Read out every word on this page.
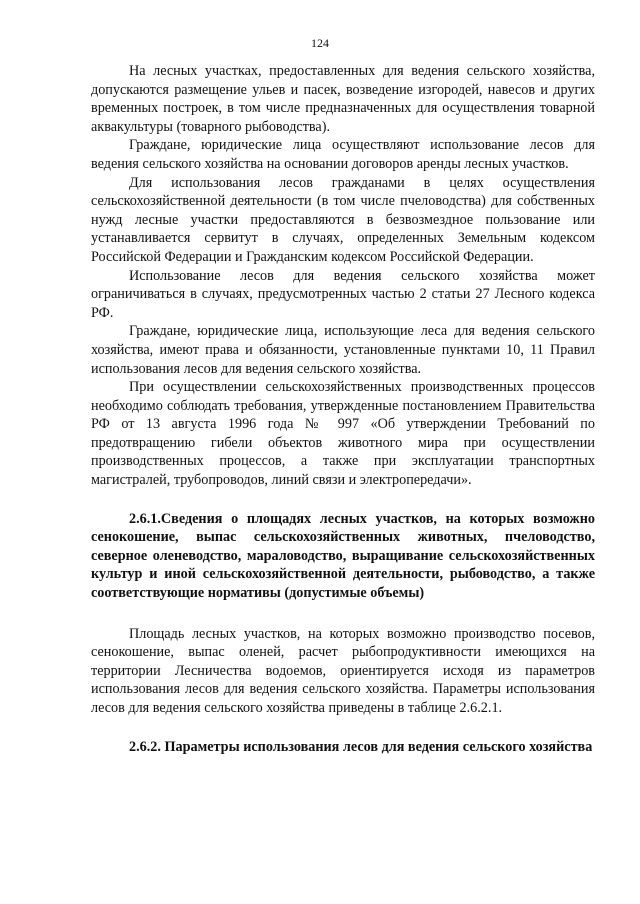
124

На лесных участках, предоставленных для ведения сельского хозяйства, допускаются размещение ульев и пасек, возведение изгородей, навесов и других временных построек, в том числе предназначенных для осуществления товарной аквакультуры (товарного рыбоводства).

Граждане, юридические лица осуществляют использование лесов для ведения сельского хозяйства на основании договоров аренды лесных участков.

Для использования лесов гражданами в целях осуществления сельскохозяйственной деятельности (в том числе пчеловодства) для собственных нужд лесные участки предоставляются в безвозмездное пользование или устанавливается сервитут в случаях, определенных Земельным кодексом Российской Федерации и Гражданским кодексом Российской Федерации.

Использование лесов для ведения сельского хозяйства может ограничиваться в случаях, предусмотренных частью 2 статьи 27 Лесного кодекса РФ.

Граждане, юридические лица, использующие леса для ведения сельского хозяйства, имеют права и обязанности, установленные пунктами 10, 11 Правил использования лесов для ведения сельского хозяйства.

При осуществлении сельскохозяйственных производственных процессов необходимо соблюдать требования, утвержденные постановлением Правительства РФ от 13 августа 1996 года № 997 «Об утверждении Требований по предотвращению гибели объектов животного мира при осуществлении производственных процессов, а также при эксплуатации транспортных магистралей, трубопроводов, линий связи и электропередачи».

2.6.1.Сведения о площадях лесных участков, на которых возможно сенокошение, выпас сельскохозяйственных животных, пчеловодство, северное оленеводство, мараловодство, выращивание сельскохозяйственных культур и иной сельскохозяйственной деятельности, рыбоводство, а также соответствующие нормативы (допустимые объемы)

Площадь лесных участков, на которых возможно производство посевов, сенокошение, выпас оленей, расчет рыбопродуктивности имеющихся на территории Лесничества водоемов, ориентируется исходя из параметров использования лесов для ведения сельского хозяйства. Параметры использования лесов для ведения сельского хозяйства приведены в таблице 2.6.2.1.

2.6.2. Параметры использования лесов для ведения сельского хозяйства
